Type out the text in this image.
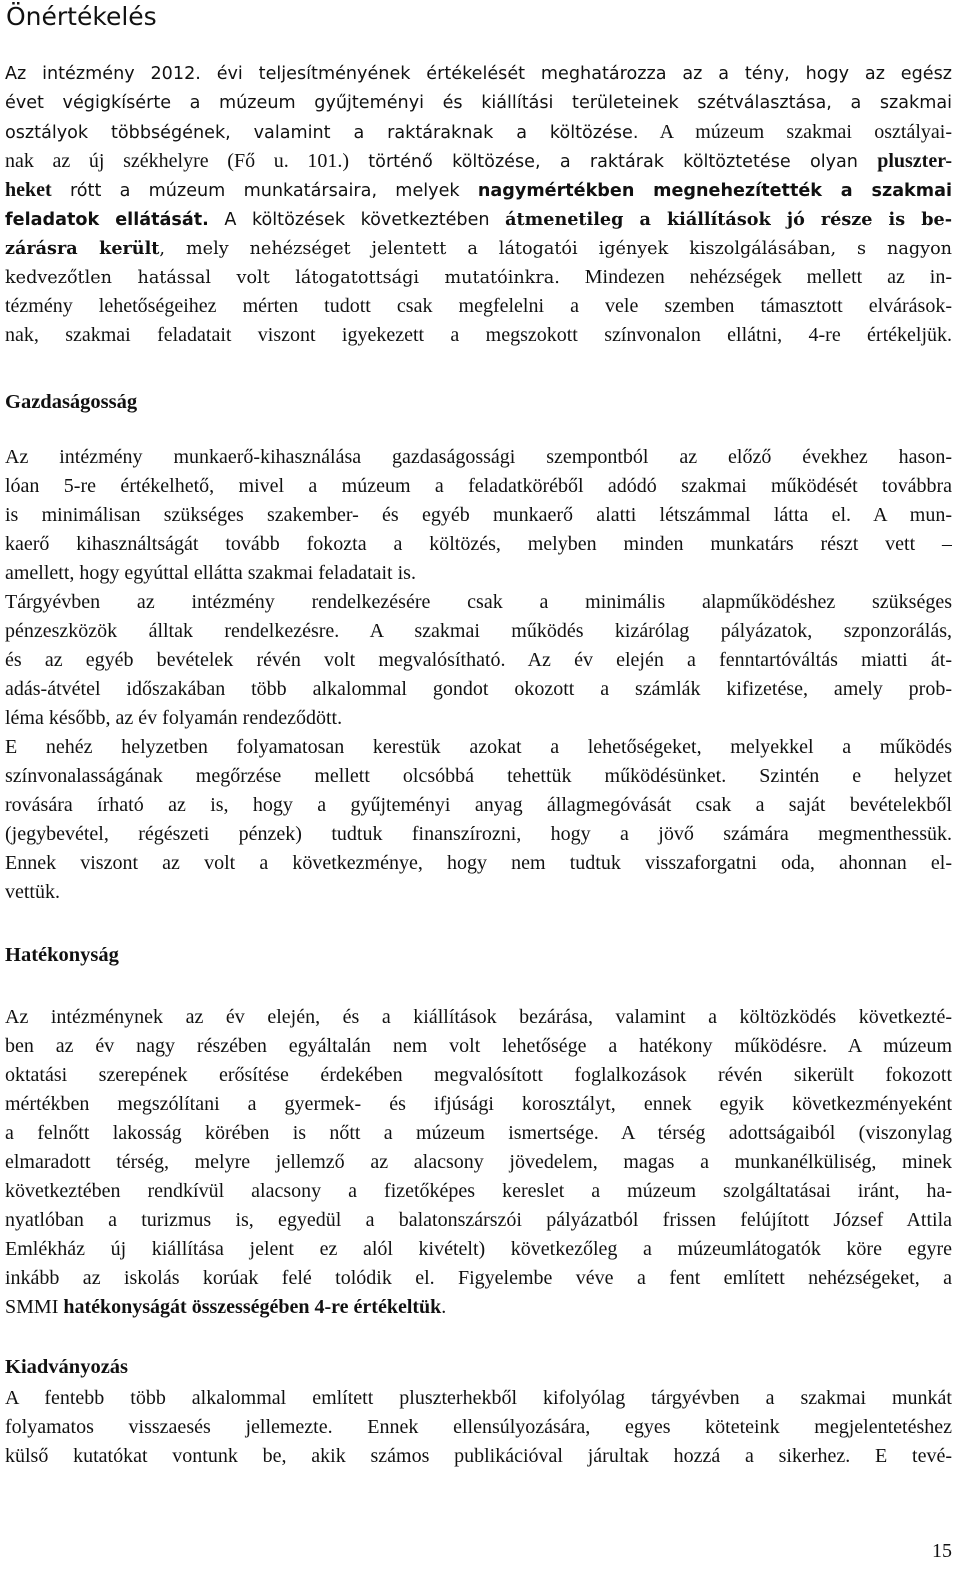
Önértékelés
Az intézmény 2012. évi teljesítményének értékelését meghatározza az a tény, hogy az egész
évet végigkísérte a múzeum gyűjteményi és kiállítási területeinek szétválasztása, a szakmai
osztályok többségének, valamint a raktáraknak a költözése. A múzeum szakmai osztályai-
nak az új székhelyre (Fő u. 101.) történő költözése, a raktárak költöztetése olyan pluszter-
heket rótt a múzeum munkatársaira, melyek nagymértékben megnehezítették a szakmai
feladatok ellátását. A költözések következtében átmenetileg a kiállítások jó része is be-
zárásra került, mely nehézséget jelentett a látogatói igények kiszolgálásában, s nagyon
kedvezőtlen hatással volt látogatottsági mutatóinkra. Mindezen nehézségek mellett az in-
tézmény lehetőségeihez mérten tudott csak megfelelni a vele szemben támasztott elvárások-
nak, szakmai feladatait viszont igyekezett a megszokott színvonalon ellátni, 4-re értékeljük.
Gazdaságosság
Az intézmény munkaerő-kihasználása gazdaságossági szempontból az előző évekhez hason-
lóan 5-re értékelhető, mivel a múzeum a feladatköréből adódó szakmai működését továbbra
is minimálisan szükséges szakember- és egyéb munkaerő alatti létszámmal látta el. A mun-
kaerő kihasználtságát tovább fokozta a költözés, melyben minden munkatárs részt vett –
amellett, hogy egyúttal ellátta szakmai feladatait is.
Tárgyévben az intézmény rendelkezésére csak a minimális alapműködéshez szükséges
pénzeszközök álltak rendelkezésre. A szakmai működés kizárólag pályázatok, szponzorálás,
és az egyéb bevételek révén volt megvalósítható. Az év elején a fenntartóváltás miatti át-
adás-átvétel időszakában több alkalommal gondot okozott a számlák kifizetése, amely prob-
léma később, az év folyamán rendeződött.
E nehéz helyzetben folyamatosan kerestük azokat a lehetőségeket, melyekkel a működés
színvonalasságának megőrzése mellett olcsóbbá tehettük működésünket. Szintén e helyzet
rovására írható az is, hogy a gyűjteményi anyag állagmegóvását csak a saját bevételekből
(jegybevétel, régészeti pénzek) tudtuk finanszírozni, hogy a jövő számára megmenthessük.
Ennek viszont az volt a következménye, hogy nem tudtuk visszaforgatni oda, ahonnan el-
vettük.
Hatékonyság
Az intézménynek az év elején, és a kiállítások bezárása, valamint a költözködés következté-
ben az év nagy részében egyáltalán nem volt lehetősége a hatékony működésre. A múzeum
oktatási szerepének erősítése érdekében megvalósított foglalkozások révén sikerült fokozott
mértékben megszólítani a gyermek- és ifjúsági korosztályt, ennek egyik következményeként
a felnőtt lakosság körében is nőtt a múzeum ismertsége. A térség adottságaiból (viszonylag
elmaradott térség, melyre jellemző az alacsony jövedelem, magas a munkanélküliség, minek
következtében rendkívül alacsony a fizetőképes kereslet a múzeum szolgáltatásai iránt, ha-
nyatlóban a turizmus is, egyedül a balatonszárszói pályázatból frissen felújított József Attila
Emlékház új kiállítása jelent ez alól kivételt) következőleg a múzeumlátogatók köre egyre
inkább az iskolás korúak felé tolódik el. Figyelembe véve a fent említett nehézségeket, a
SMMI hatékonyságát összességében 4-re értékeltük.
Kiadványozás
A fentebb több alkalommal említett pluszterhekből kifolyólag tárgyévben a szakmai munkát
folyamatos visszaesés jellemezte. Ennek ellensúlyozására, egyes köteteink megjelentetéshez
külső kutatókat vontunk be, akik számos publikációval járultak hozzá a sikerhez. E tevé-
15
